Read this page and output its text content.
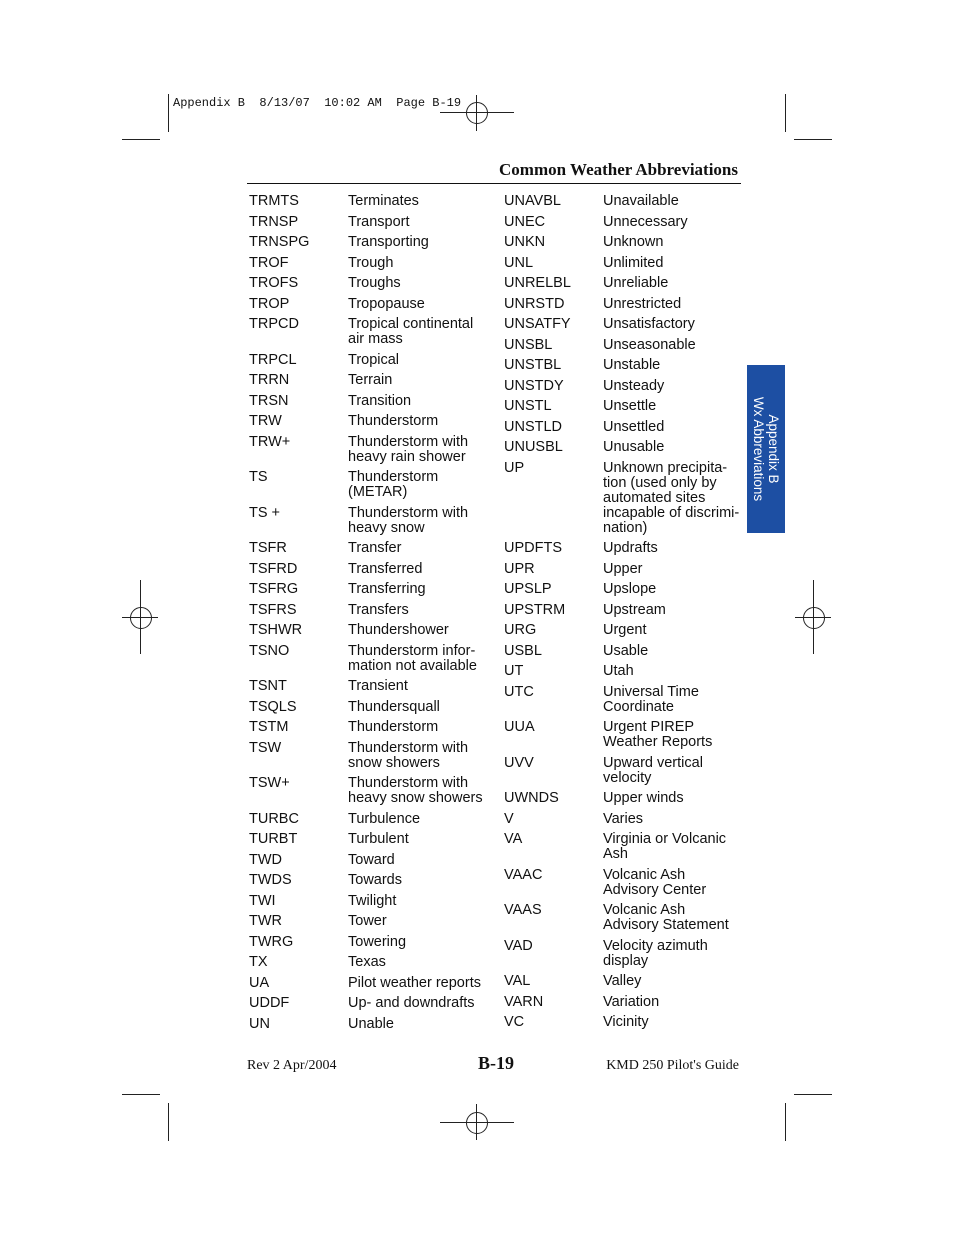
Appendix B  8/13/07  10:02 AM  Page B-19
Common Weather Abbreviations
TRMTS	Terminates
TRNSP	Transport
TRNSPG	Transporting
TROF	Trough
TROFS	Troughs
TROP	Tropopause
TRPCD	Tropical continental
air mass
TRPCL	Tropical
TRRN	Terrain
TRSN	Transition
TRW	Thunderstorm
TRW+	Thunderstorm with
heavy rain shower
TS	Thunderstorm
(METAR)
TS +	Thunderstorm with
heavy snow
TSFR	Transfer
TSFRD	Transferred
TSFRG	Transferring
TSFRS	Transfers
TSHWR	Thundershower
TSNO	Thunderstorm infor-
mation not available
TSNT	Transient
TSQLS	Thundersquall
TSTM	Thunderstorm
TSW	Thunderstorm with
snow showers
TSW+	Thunderstorm with
heavy snow showers
TURBC	Turbulence
TURBT	Turbulent
TWD	Toward
TWDS	Towards
TWI	Twilight
TWR	Tower
TWRG	Towering
TX	Texas
UA	Pilot weather reports
UDDF	Up- and downdrafts
UN	Unable
UNAVBL	Unavailable
UNEC	Unnecessary
UNKN	Unknown
UNL	Unlimited
UNRELBL Unreliable
UNRSTD	Unrestricted
UNSATFY Unsatisfactory
UNSBL	Unseasonable
UNSTBL	Unstable
UNSTDY	Unsteady
UNSTL	Unsettle
UNSTLD	Unsettled
UNUSBL	Unusable
UP	Unknown precipita-
tion (used only by
automated sites
incapable of discrimi-
nation)
UPDFTS	Updrafts
UPR	Upper
UPSLP	Upslope
UPSTRM	Upstream
URG	Urgent
USBL	Usable
UT	Utah
UTC	Universal Time
Coordinate
UUA	Urgent PIREP
Weather Reports
UVV	Upward vertical
velocity
UWNDS	Upper winds
V	Varies
VA	Virginia or Volcanic
Ash
VAAC	Volcanic Ash
Advisory Center
VAAS	Volcanic Ash
Advisory Statement
VAD	Velocity azimuth
display
VAL	Valley
VARN	Variation
VC	Vicinity
Appendix B
Wx Abbreviations
Rev 2 Apr/2004	B-19	KMD 250 Pilot's Guide
